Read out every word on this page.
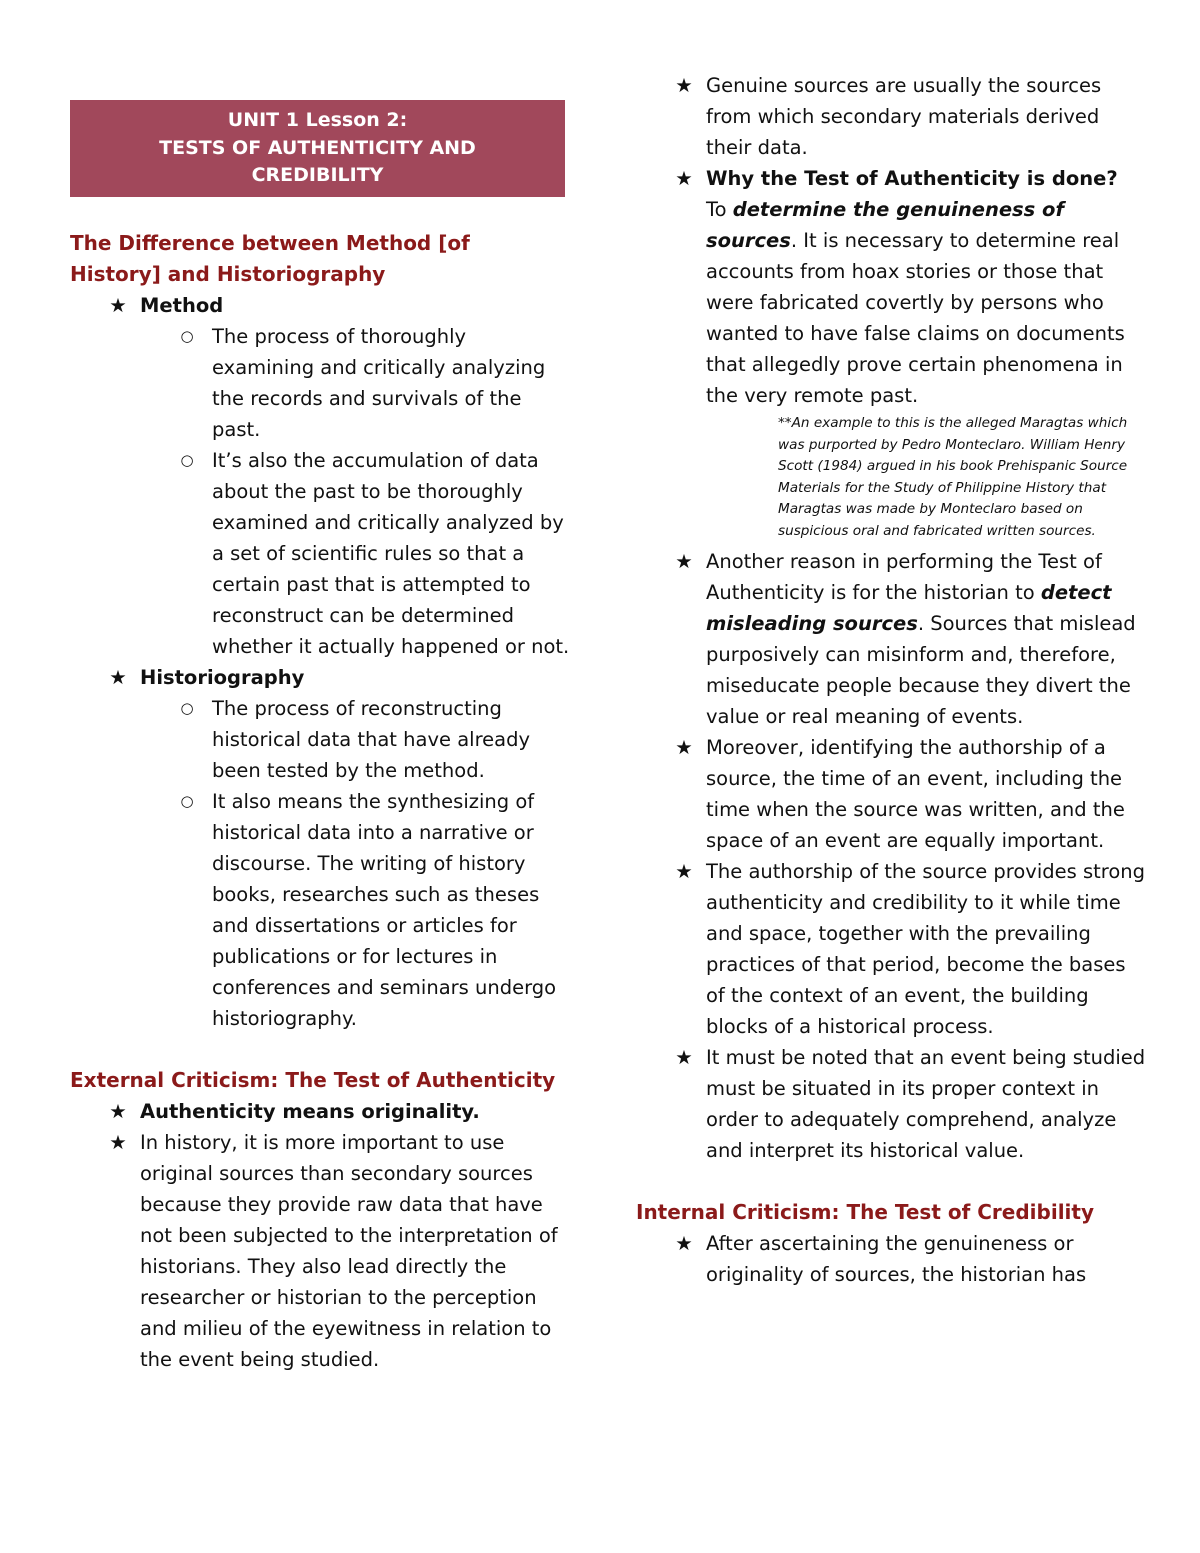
UNIT 1 Lesson 2:
TESTS OF AUTHENTICITY AND
CREDIBILITY
The Difference between Method [of History] and Historiography
★ Method
○ The process of thoroughly examining and critically analyzing the records and survivals of the past.
○ It’s also the accumulation of data about the past to be thoroughly examined and critically analyzed by a set of scientific rules so that a certain past that is attempted to reconstruct can be determined whether it actually happened or not.
★ Historiography
○ The process of reconstructing historical data that have already been tested by the method.
○ It also means the synthesizing of historical data into a narrative or discourse. The writing of history books, researches such as theses and dissertations or articles for publications or for lectures in conferences and seminars undergo historiography.
External Criticism: The Test of Authenticity
★ Authenticity means originality.
★ In history, it is more important to use original sources than secondary sources because they provide raw data that have not been subjected to the interpretation of historians. They also lead directly the researcher or historian to the perception and milieu of the eyewitness in relation to the event being studied.
★ Genuine sources are usually the sources from which secondary materials derived their data.
★ Why the Test of Authenticity is done?
To determine the genuineness of sources. It is necessary to determine real accounts from hoax stories or those that were fabricated covertly by persons who wanted to have false claims on documents that allegedly prove certain phenomena in the very remote past.
**An example to this is the alleged Maragtas which was purported by Pedro Monteclaro. William Henry Scott (1984) argued in his book Prehispanic Source Materials for the Study of Philippine History that Maragtas was made by Monteclaro based on suspicious oral and fabricated written sources.
★ Another reason in performing the Test of Authenticity is for the historian to detect misleading sources. Sources that mislead purposively can misinform and, therefore, miseducate people because they divert the value or real meaning of events.
★ Moreover, identifying the authorship of a source, the time of an event, including the time when the source was written, and the space of an event are equally important.
★ The authorship of the source provides strong authenticity and credibility to it while time and space, together with the prevailing practices of that period, become the bases of the context of an event, the building blocks of a historical process.
★ It must be noted that an event being studied must be situated in its proper context in order to adequately comprehend, analyze and interpret its historical value.
Internal Criticism: The Test of Credibility
★ After ascertaining the genuineness or originality of sources, the historian has
